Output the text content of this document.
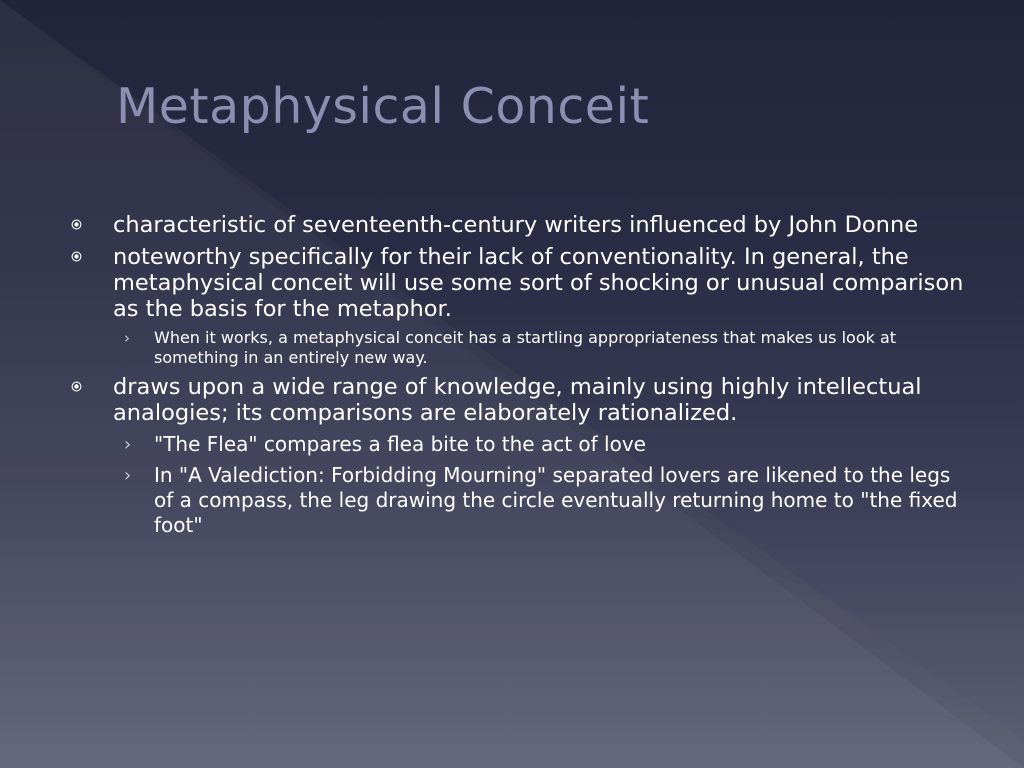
Metaphysical Conceit
characteristic of seventeenth-century writers influenced by John Donne
noteworthy specifically for their lack of conventionality. In general, the metaphysical conceit will use some sort of shocking or unusual comparison as the basis for the metaphor.
› When it works, a metaphysical conceit has a startling appropriateness that makes us look at something in an entirely new way.
draws upon a wide range of knowledge, mainly using highly intellectual analogies; its comparisons are elaborately rationalized.
› "The Flea" compares a flea bite to the act of love
› In "A Valediction: Forbidding Mourning" separated lovers are likened to the legs of a compass, the leg drawing the circle eventually returning home to "the fixed foot"
